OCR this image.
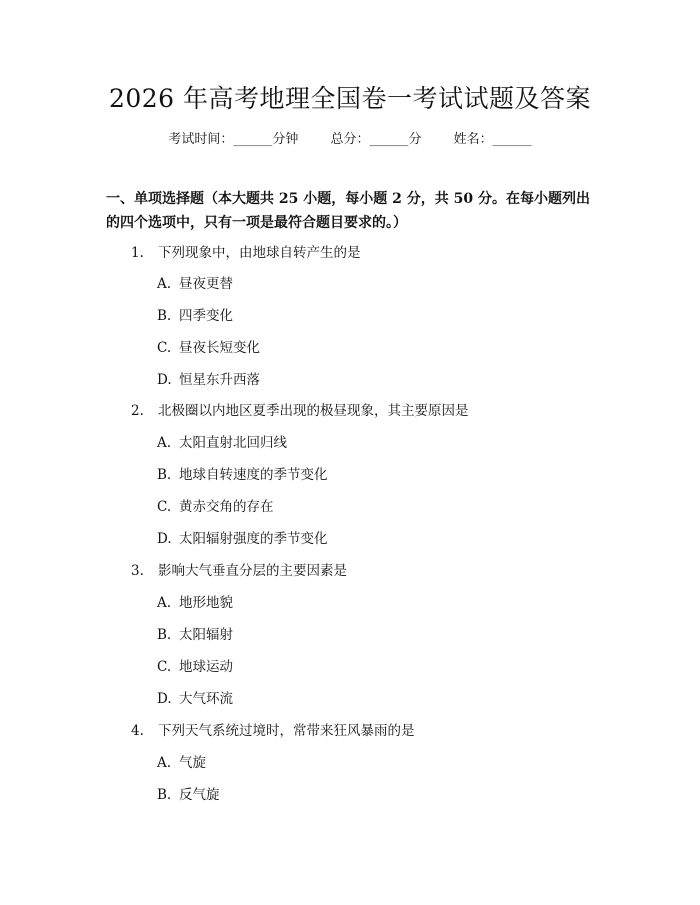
2026 年高考地理全国卷一考试试题及答案
考试时间：______分钟 总分：______分 姓名：______
一、单项选择题（本大题共 25 小题，每小题 2 分，共 50 分。在每小题列出的四个选项中，只有一项是最符合题目要求的。）
1. 下列现象中，由地球自转产生的是
A. 昼夜更替
B. 四季变化
C. 昼夜长短变化
D. 恒星东升西落
2. 北极圈以内地区夏季出现的极昼现象，其主要原因是
A. 太阳直射北回归线
B. 地球自转速度的季节变化
C. 黄赤交角的存在
D. 太阳辐射强度的季节变化
3. 影响大气垂直分层的主要因素是
A. 地形地貌
B. 太阳辐射
C. 地球运动
D. 大气环流
4. 下列天气系统过境时，常带来狂风暴雨的是
A. 气旋
B. 反气旋
